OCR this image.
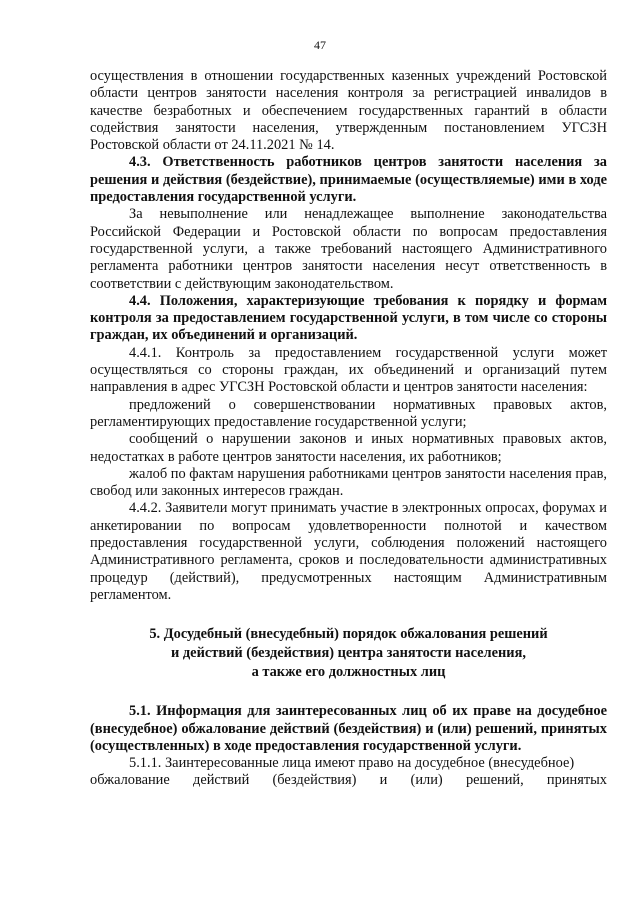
47

осуществления в отношении государственных казенных учреждений Ростовской области центров занятости населения контроля за регистрацией инвалидов в качестве безработных и обеспечением государственных гарантий в области содействия занятости населения, утвержденным постановлением УГСЗН Ростовской области от 24.11.2021 № 14.

4.3. Ответственность работников центров занятости населения за решения и действия (бездействие), принимаемые (осуществляемые) ими в ходе предоставления государственной услуги.

За невыполнение или ненадлежащее выполнение законодательства Российской Федерации и Ростовской области по вопросам предоставления государственной услуги, а также требований настоящего Административного регламента работники центров занятости населения несут ответственность в соответствии с действующим законодательством.

4.4. Положения, характеризующие требования к порядку и формам контроля за предоставлением государственной услуги, в том числе со стороны граждан, их объединений и организаций.

4.4.1. Контроль за предоставлением государственной услуги может осуществляться со стороны граждан, их объединений и организаций путем направления в адрес УГСЗН Ростовской области и центров занятости населения:

предложений о совершенствовании нормативных правовых актов, регламентирующих предоставление государственной услуги;

сообщений о нарушении законов и иных нормативных правовых актов, недостатках в работе центров занятости населения, их работников;

жалоб по фактам нарушения работниками центров занятости населения прав, свобод или законных интересов граждан.

4.4.2. Заявители могут принимать участие в электронных опросах, форумах и анкетировании по вопросам удовлетворенности полнотой и качеством предоставления государственной услуги, соблюдения положений настоящего Административного регламента, сроков и последовательности административных процедур (действий), предусмотренных настоящим Административным регламентом.

5. Досудебный (внесудебный) порядок обжалования решений
и действий (бездействия) центра занятости населения,
а также его должностных лиц

5.1. Информация для заинтересованных лиц об их праве на досудебное (внесудебное) обжалование действий (бездействия) и (или) решений, принятых (осуществленных) в ходе предоставления государственной услуги.

5.1.1. Заинтересованные лица имеют право на досудебное (внесудебное)

обжалование действий (бездействия) и (или) решений, принятых
